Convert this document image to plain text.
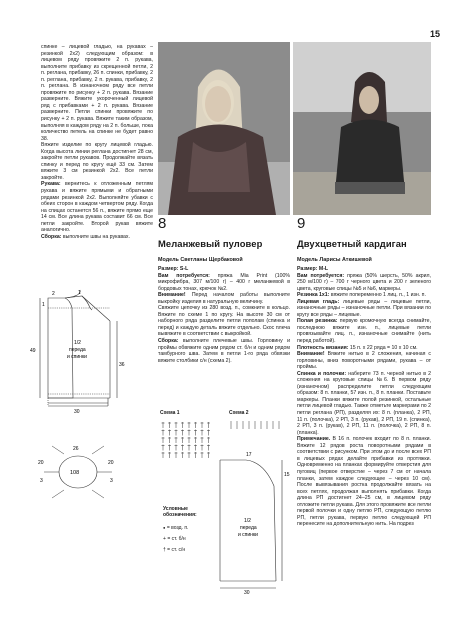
15

спинке – лицевой гладью, на рукавах – резинкой 2х2) следующим образом: в лицевом ряду провяжите 2 п. рукава, выполните прибавку из скрещенной петли, 2 п. реглана, прибавку, 26 п. спинки, прибавку, 2 п. реглана, прибавку, 2 п. рукава, прибавку, 2 п. реглана. В изнаночном ряду все петли провяжите по рисунку + 2 п. рукава. Вязание разверните. Вяжите укороченный лицевой ряд с прибавками + 2 п. рукава. Вязание разверните. Петли спинки провяжите по рисунку + 2 п. рукава. Вяжите таким образом, выполняя в каждом ряду на 2 п. больше, пока количество петель на спинке не будет равно 38.

Вяжите изделие по кругу лицевой гладью. Когда высота линии реглана достигнет 28 см, закройте петли рукавов. Продолжайте вязать спинку и перед по кругу ещё 33 см. Затем вяжите 3 см резинкой 2х2. Все петли закройте.

Рукава: вернитесь к отложенным петлям рукава и вяжите прямыми и обратными рядами резинкой 2х2. Выполняйте убавки с обеих сторон в каждом четвертом ряду. Когда на спицах останется 56 п., вяжите прямо еще 14 см. Все длина рукава составит 66 см. Все петли закройте. Второй рукав вяжите аналогично.

Сборка: выполните швы на рукавах.

2	1
1
49
36
1/2
переда
и спинки
30
26
108
20	20
3	3
8
Меланжевый пуловер
Модель Светланы Щербаковой

Размер: S-L

Вам потребуется: пряжа Mia Print (100% микрофибра, 307 м/100 г) – 400 г меланжевой в бордовых тонах, крючок №2.

Внимание! Перед началом работы выполните выкройку изделия в натуральную величину.

Свяжите цепочку из 280 возд. п., сомкните в кольцо. Вяжите по схеме 1 по кругу. На высоте 30 см от наборного ряда разделите петли пополам (спинка и перед) и каждую деталь вяжите отдельно. Скос плеча вывяжите в соответствии с выкройкой.

Сборка: выполните плечевые швы. Горловину и проймы обвяжите одним рядом ст. б/н и одним рядом тамбурного шва. Затем в петли 1-го ряда обвязки вяжите столбики с/н (схема 2).

Схема 1	Схема 2
30
17
15
1/2
переда
и спинки
Условные обозначения:
● = возд. п.
+ = ст. б/н
† = ст. с/н
9
Двухцветный кардиган
Модель Ларисы Аткишевой

Размер: M-L

Вам потребуется: пряжа (50% шерсть, 50% акрил, 250 м/100 г) – 700 г черного цвета и 200 г зеленого цвета, круговые спицы №5 и №6, маркеры.

Резинка 1х1: вяжите попеременно 1 лиц. п., 1 изн. п.

Лицевая гладь: лицевые ряды – лицевые петли, изнаночные ряды – изнаночные петли. При вязании по кругу все ряды – лицевые.

Полая резинка: первую кромочную всегда снимайте, последнюю вяжите изн. п., лицевые петли провязывайте лиц. п., изнаночные снимайте (нить перед работой).

Плотность вязания: 15 п. х 22 ряда = 10 х 10 см.

Внимание! Вяжите нитью в 2 сложения, начиная с горловины, вниз поворотными рядами, рукава – от проймы.

Спинка и полочки: наберите 73 п. черной нитью в 2 сложения на круговые спицы №6. В первом ряду (изнаночном) распределите петли следующим образом: 8 п. планки, 57 изн. п., 8 п. планки. Поставьте маркеры. Планки вяжите полой резинкой, остальные петли лицевой гладью. Также отметьте маркерами по 2 петли реглана (РП), разделяя их: 8 п. (планка), 2 РП, 11 п. (полочка), 2 РП, 3 п. (рукав), 2 РП, 19 п. (спинка), 2 РП, 3 п. (рукав), 2 РП, 11 п. (полочка), 2 РП, 8 п. (планка).

Примечание. В 16 п. полочек входит по 8 п. планки. Вяжите 12 рядов роста поворотными рядами в соответствии с рисунком. При этом до и после всех РП в лицевых рядах делайте прибавки из протяжки. Одновременно на планках формируйте отверстия для пуговиц (первое отверстие – через 7 см от начала планки, затем каждое следующее – через 10 см). После вывязывания ростка продолжайте вязать на всех петлях, продолжая выполнять прибавки. Когда длина РП достигнет 24–25 см, в лицевом ряду отложите петли рукава. Для этого провяжите все петли первой полочки и одну петлю РП, следующую петлю РП, петли рукава, первую петлю следующей РП перенесите на дополнительную нить. На подрез
